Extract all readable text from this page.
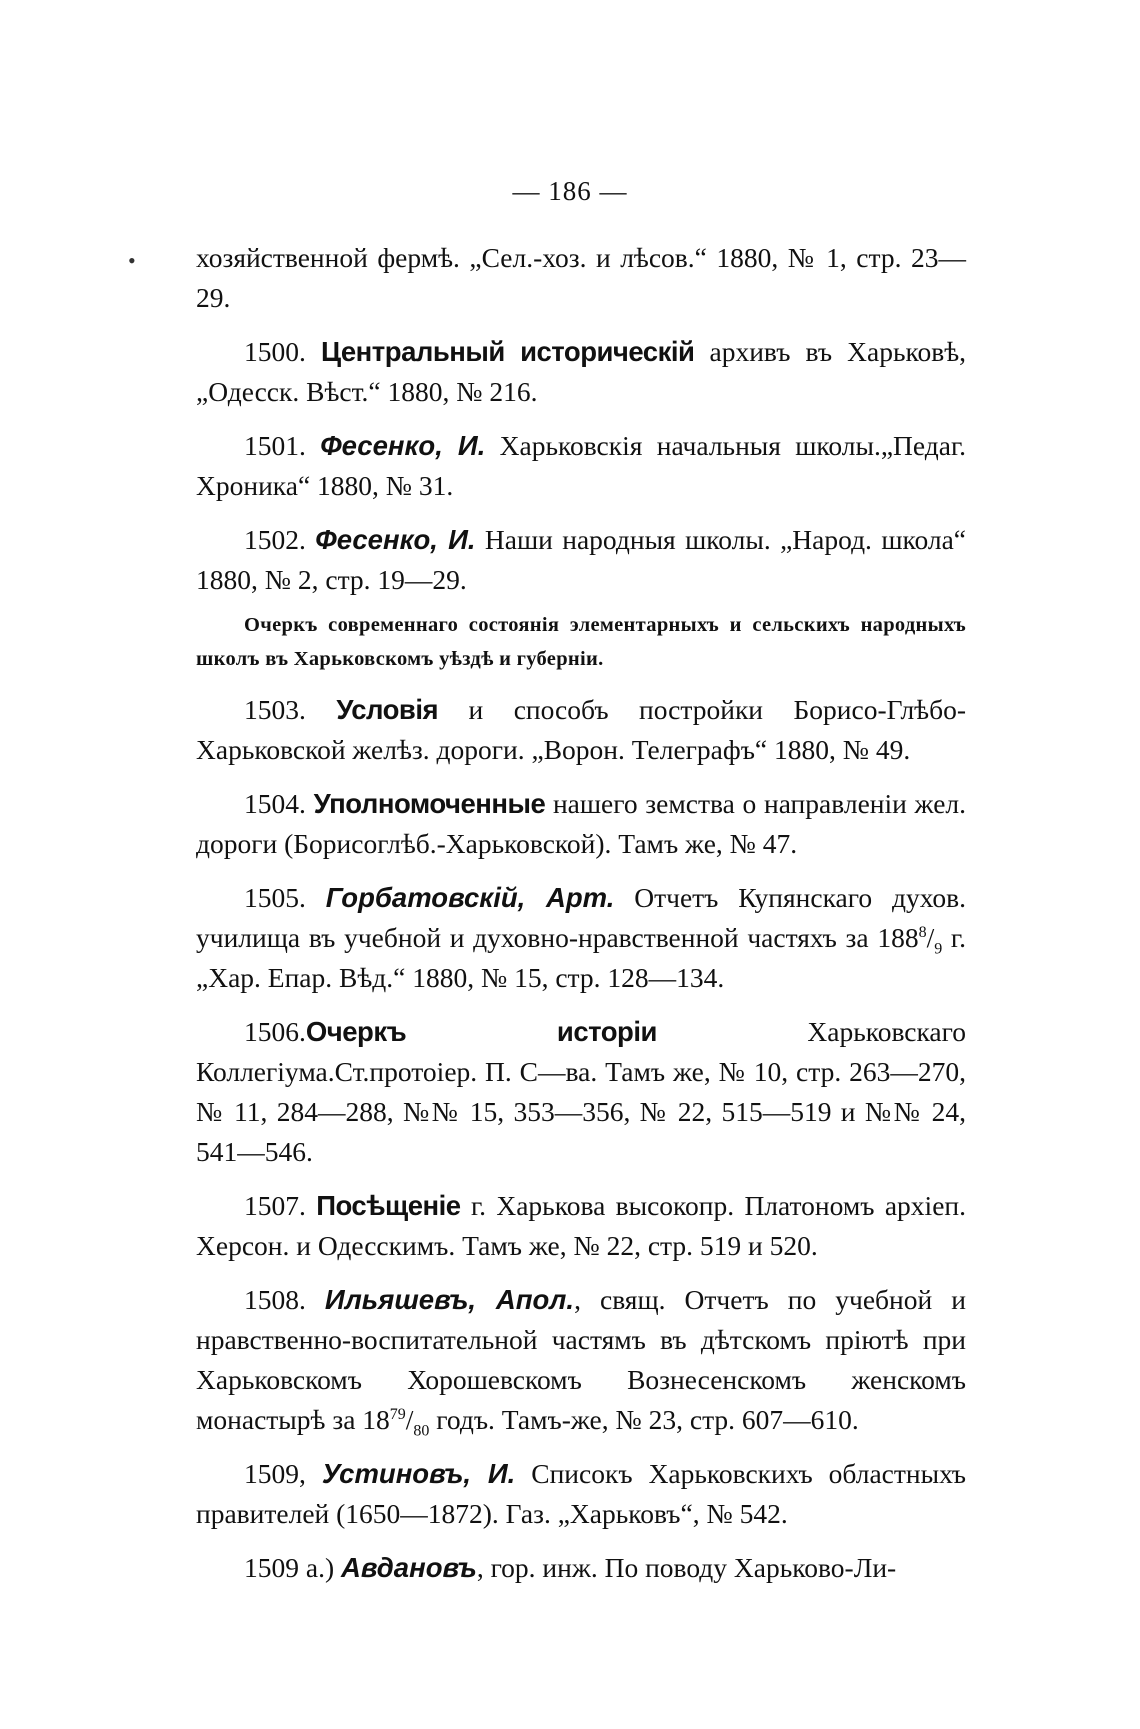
•
— 186 —
хозяйственной фермѣ. „Сел.-хоз. и лѣсов.“ 1880, № 1, стр. 23—29.
1500. Центральный историческій архивъ въ Харьковѣ, „Одесск. Вѣст.“ 1880, № 216.
1501. Фесенко, И. Харьковскія начальныя школы.„Педаг. Хроника“ 1880, № 31.
1502. Фесенко, И. Наши народныя школы. „Народ. школа“ 1880, № 2, стр. 19—29.
Очеркъ современнаго состоянія элементарныхъ и сельскихъ народныхъ школъ въ Харьковскомъ уѣздѣ и губерніи.
1503. Условія и способъ постройки Борисо-Глѣбо-Харьковской желѣз. дороги. „Ворон. Телеграфъ“ 1880, № 49.
1504. Уполномоченные нашего земства о направленіи жел. дороги (Борисоглѣб.-Харьковской). Тамъ же, № 47.
1505. Горбатовскій, Арт. Отчетъ Купянскаго духов. училища въ учебной и духовно-нравственной частяхъ за $188^8/_9$ г. „Хар. Епар. Вѣд.“ 1880, № 15, стр. 128—134.
1506.Очеркъ исторіи Харьковскаго Коллегіума.Ст.протоіер. П. С—ва. Тамъ же, № 10, стр. 263—270, № 11, 284—288, №№ 15, 353—356, № 22, 515—519 и №№ 24, 541—546.
1507. Посѣщеніе г. Харькова высокопр. Платономъ архіеп. Херсон. и Одесскимъ. Тамъ же, № 22, стр. 519 и 520.
1508. Ильяшевъ, Апол., свящ. Отчетъ по учебной и нравственно-воспитательной частямъ въ дѣтскомъ пріютѣ при Харьковскомъ Хорошевскомъ Вознесенскомъ женскомъ монастырѣ за $18^{79}/_{80}$ годъ. Тамъ-же, № 23, стр. 607—610.
1509, Устиновъ, И. Списокъ Харьковскихъ областныхъ правителей (1650—1872). Газ. „Харьковъ“, № 542.
1509 а.) Авдановъ, гор. инж. По поводу Харьково-Ли-
